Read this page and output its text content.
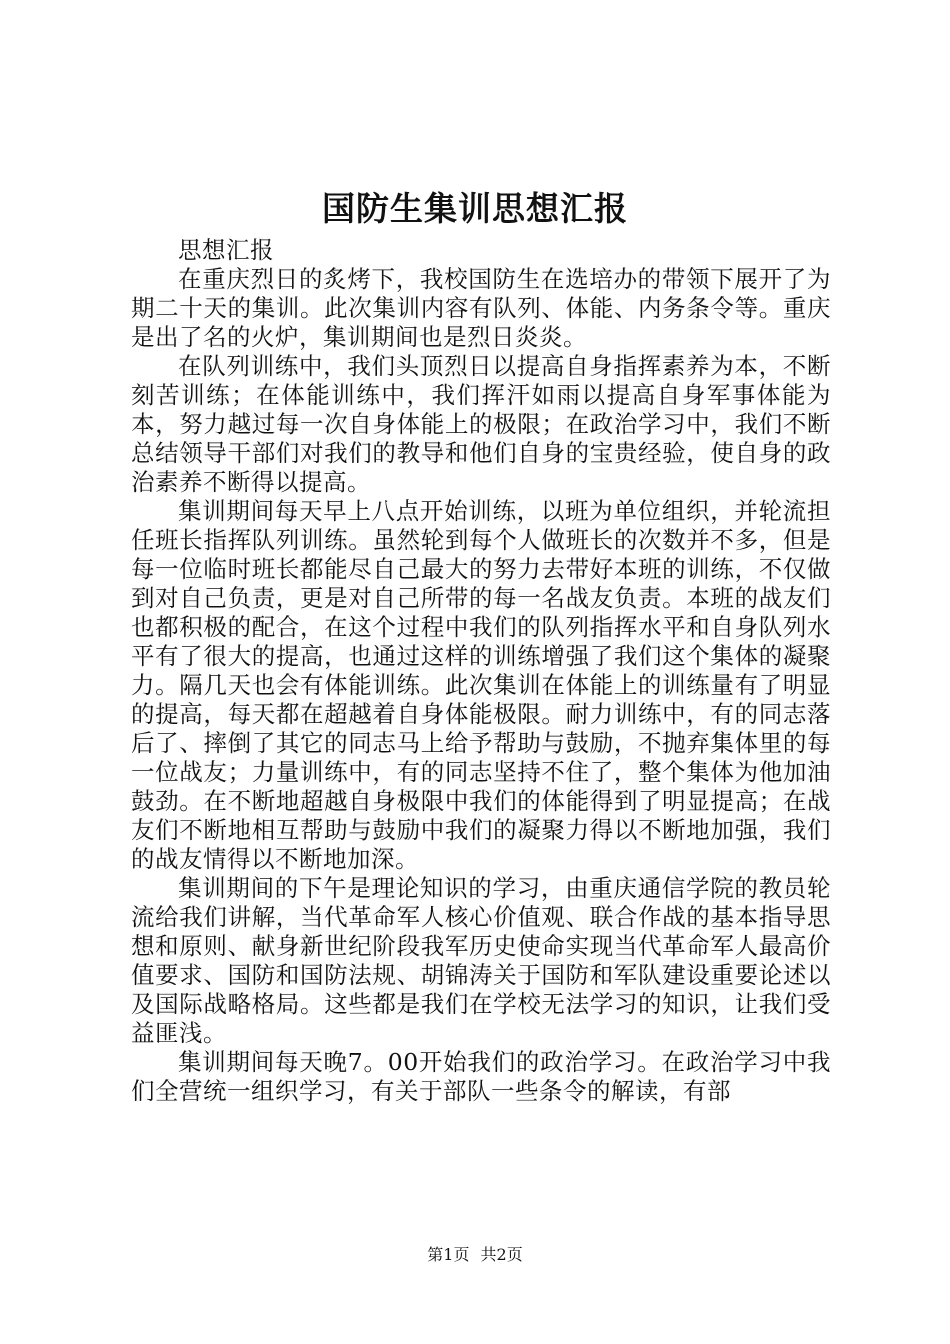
国防生集训思想汇报

思想汇报

在重庆烈日的炙烤下，我校国防生在选培办的带领下展开了为期二十天的集训。此次集训内容有队列、体能、内务条令等。重庆是出了名的火炉，集训期间也是烈日炎炎。

在队列训练中，我们头顶烈日以提高自身指挥素养为本，不断刻苦训练；在体能训练中，我们挥汗如雨以提高自身军事体能为本，努力越过每一次自身体能上的极限；在政治学习中，我们不断总结领导干部们对我们的教导和他们自身的宝贵经验，使自身的政治素养不断得以提高。

集训期间每天早上八点开始训练，以班为单位组织，并轮流担任班长指挥队列训练。虽然轮到每个人做班长的次数并不多，但是每一位临时班长都能尽自己最大的努力去带好本班的训练，不仅做到对自己负责，更是对自己所带的每一名战友负责。本班的战友们也都积极的配合，在这个过程中我们的队列指挥水平和自身队列水平有了很大的提高，也通过这样的训练增强了我们这个集体的凝聚力。隔几天也会有体能训练。此次集训在体能上的训练量有了明显的提高，每天都在超越着自身体能极限。耐力训练中，有的同志落后了、摔倒了其它的同志马上给予帮助与鼓励，不抛弃集体里的每一位战友；力量训练中，有的同志坚持不住了，整个集体为他加油鼓劲。在不断地超越自身极限中我们的体能得到了明显提高；在战友们不断地相互帮助与鼓励中我们的凝聚力得以不断地加强，我们的战友情得以不断地加深。

集训期间的下午是理论知识的学习，由重庆通信学院的教员轮流给我们讲解，当代革命军人核心价值观、联合作战的基本指导思想和原则、献身新世纪阶段我军历史使命实现当代革命军人最高价值要求、国防和国防法规、胡锦涛关于国防和军队建设重要论述以及国际战略格局。这些都是我们在学校无法学习的知识，让我们受益匪浅。

集训期间每天晚7。00开始我们的政治学习。在政治学习中我们全营统一组织学习，有关于部队一些条令的解读，有部

第1页 共2页
